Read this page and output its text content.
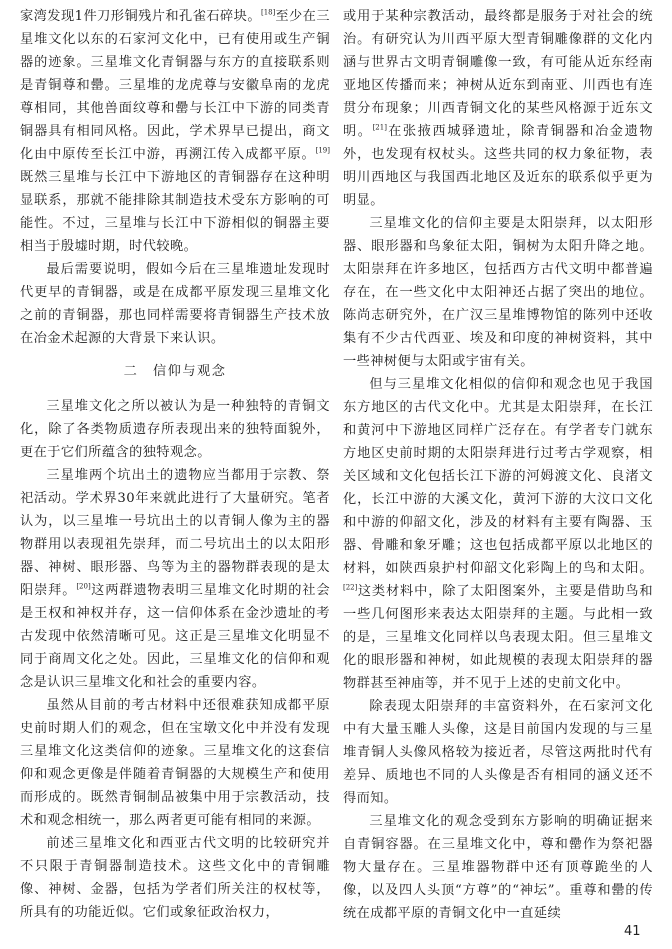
家湾发现1件刀形铜残片和孔雀石碎块。[18]至少在三星堆文化以东的石家河文化中，已有使用或生产铜器的迹象。三星堆文化青铜器与东方的直接联系则是青铜尊和罍。三星堆的龙虎尊与安徽阜南的龙虎尊相同，其他兽面纹尊和罍与长江中下游的同类青铜器具有相同风格。因此，学术界早已提出，商文化由中原传至长江中游，再溯江传入成都平原。[19]既然三星堆与长江中下游地区的青铜器存在这种明显联系，那就不能排除其制造技术受东方影响的可能性。不过，三星堆与长江中下游相似的铜器主要相当于殷墟时期，时代较晚。

最后需要说明，假如今后在三星堆遗址发现时代更早的青铜器，或是在成都平原发现三星堆文化之前的青铜器，那也同样需要将青铜器生产技术放在冶金术起源的大背景下来认识。

二　信仰与观念

三星堆文化之所以被认为是一种独特的青铜文化，除了各类物质遗存所表现出来的独特面貌外，更在于它们所蕴含的独特观念。

三星堆两个坑出土的遗物应当都用于宗教、祭祀活动。学术界30年来就此进行了大量研究。笔者认为，以三星堆一号坑出土的以青铜人像为主的器物群用以表现祖先崇拜，而二号坑出土的以太阳形器、神树、眼形器、鸟等为主的器物群表现的是太阳崇拜。[20]这两群遗物表明三星堆文化时期的社会是王权和神权并存，这一信仰体系在金沙遗址的考古发现中依然清晰可见。这正是三星堆文化明显不同于商周文化之处。因此，三星堆文化的信仰和观念是认识三星堆文化和社会的重要内容。

虽然从目前的考古材料中还很难获知成都平原史前时期人们的观念，但在宝墩文化中并没有发现三星堆文化这类信仰的迹象。三星堆文化的这套信仰和观念更像是伴随着青铜器的大规模生产和使用而形成的。既然青铜制品被集中用于宗教活动，技术和观念相统一，那么两者更可能有相同的来源。

前述三星堆文化和西亚古代文明的比较研究并不只限于青铜器制造技术。这些文化中的青铜雕像、神树、金器，包括为学者们所关注的权杖等，所具有的功能近似。它们或象征政治权力，

或用于某种宗教活动，最终都是服务于对社会的统治。有研究认为川西平原大型青铜雕像群的文化内涵与世界古文明青铜雕像一致，有可能从近东经南亚地区传播而来；神树从近东到南亚、川西也有连贯分布现象；川西青铜文化的某些风格源于近东文明。[21]在张掖西城驿遗址，除青铜器和冶金遗物外，也发现有权杖头。这些共同的权力象征物，表明川西地区与我国西北地区及近东的联系似乎更为明显。

三星堆文化的信仰主要是太阳崇拜，以太阳形器、眼形器和鸟象征太阳，铜树为太阳升降之地。太阳崇拜在许多地区，包括西方古代文明中都普遍存在，在一些文化中太阳神还占据了突出的地位。陈尚志研究外，在广汉三星堆博物馆的陈列中还收集有不少古代西亚、埃及和印度的神树资料，其中一些神树便与太阳或宇宙有关。

但与三星堆文化相似的信仰和观念也见于我国东方地区的古代文化中。尤其是太阳崇拜，在长江和黄河中下游地区同样广泛存在。有学者专门就东方地区史前时期的太阳崇拜进行过考古学观察，相关区域和文化包括长江下游的河姆渡文化、良渚文化，长江中游的大溪文化，黄河下游的大汶口文化和中游的仰韶文化，涉及的材料有主要有陶器、玉器、骨雕和象牙雕；这也包括成都平原以北地区的材料，如陕西泉护村仰韶文化彩陶上的鸟和太阳。[22]这类材料中，除了太阳图案外，主要是借助鸟和一些几何图形来表达太阳崇拜的主题。与此相一致的是，三星堆文化同样以鸟表现太阳。但三星堆文化的眼形器和神树，如此规模的表现太阳崇拜的器物群甚至神庙等，并不见于上述的史前文化中。

除表现太阳崇拜的丰富资料外，在石家河文化中有大量玉雕人头像，这是目前国内发现的与三星堆青铜人头像风格较为接近者，尽管这两批时代有差异、质地也不同的人头像是否有相同的涵义还不得而知。

三星堆文化的观念受到东方影响的明确证据来自青铜容器。在三星堆文化中，尊和罍作为祭祀器物大量存在。三星堆器物群中还有顶尊跪坐的人像，以及四人头顶“方尊”的“神坛”。重尊和罍的传统在成都平原的青铜文化中一直延续

41
